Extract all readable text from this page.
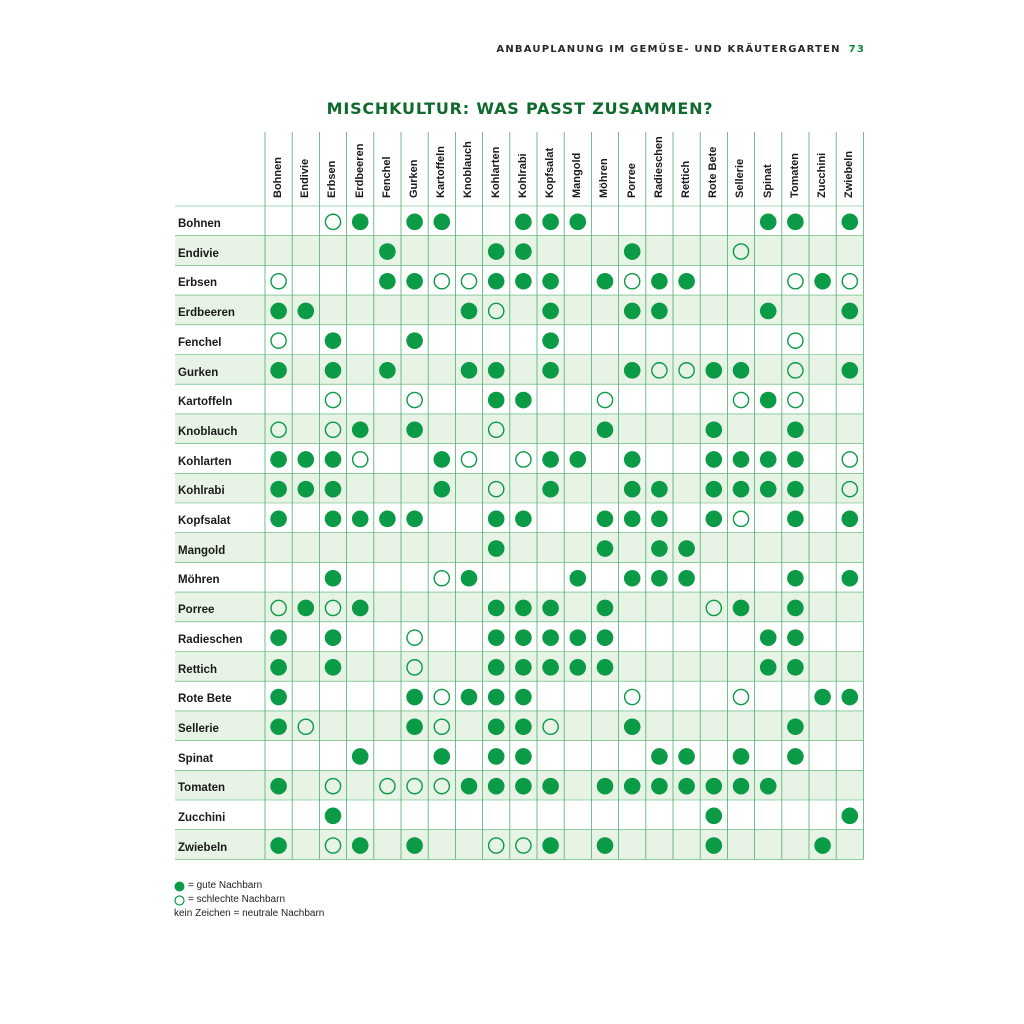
ANBAUPLANUNG IM GEMÜSE- UND KRÄUTERGARTEN 73
MISCHKULTUR: WAS PASST ZUSAMMEN?
Bohnen Endivie Erbsen Erdbeeren Fenchel Gurken Kartoffeln Knoblauch Kohlarten Kohlrabi Kopfsalat Mangold Möhren Porree Radieschen Rettich Rote Bete Sellerie Spinat Tomaten Zucchini Zwiebeln
Bohnen
Endivie
Erbsen
Erdbeeren
Fenchel
Gurken
Kartoffeln
Knoblauch
Kohlarten
Kohlrabi
Kopfsalat
Mangold
Möhren
Porree
Radieschen
Rettich
Rote Bete
Sellerie
Spinat
Tomaten
Zucchini
Zwiebeln
= gute Nachbarn
= schlechte Nachbarn
kein Zeichen = neutrale Nachbarn
